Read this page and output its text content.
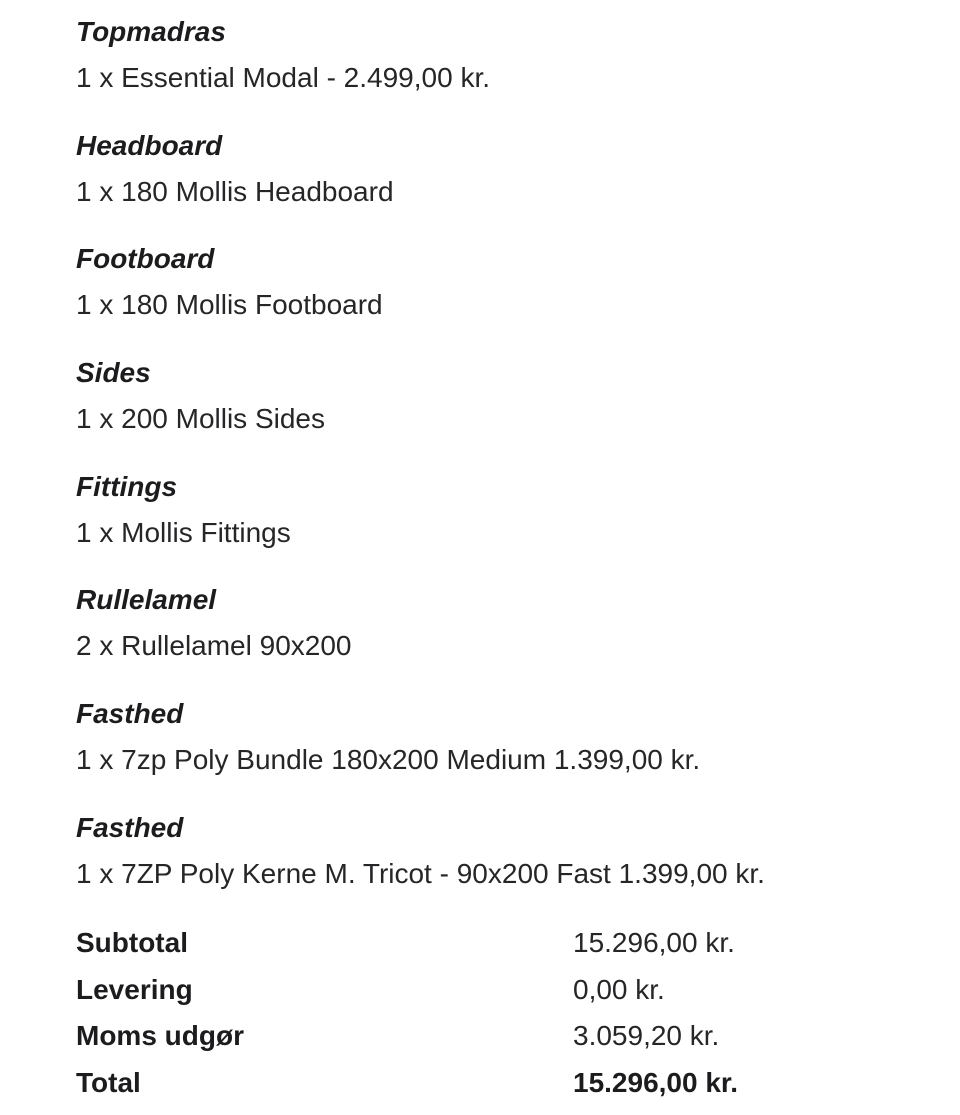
Topmadras
1 x Essential Modal - 2.499,00 kr.
Headboard
1 x 180 Mollis Headboard
Footboard
1 x 180 Mollis Footboard
Sides
1 x 200 Mollis Sides
Fittings
1 x Mollis Fittings
Rullelamel
2 x Rullelamel 90x200
Fasthed
1 x 7zp Poly Bundle 180x200 Medium 1.399,00 kr.
Fasthed
1 x 7ZP Poly Kerne M. Tricot - 90x200 Fast 1.399,00 kr.
Subtotal	15.296,00 kr.
Levering	0,00 kr.
Moms udgør	3.059,20 kr.
Total	15.296,00 kr.
